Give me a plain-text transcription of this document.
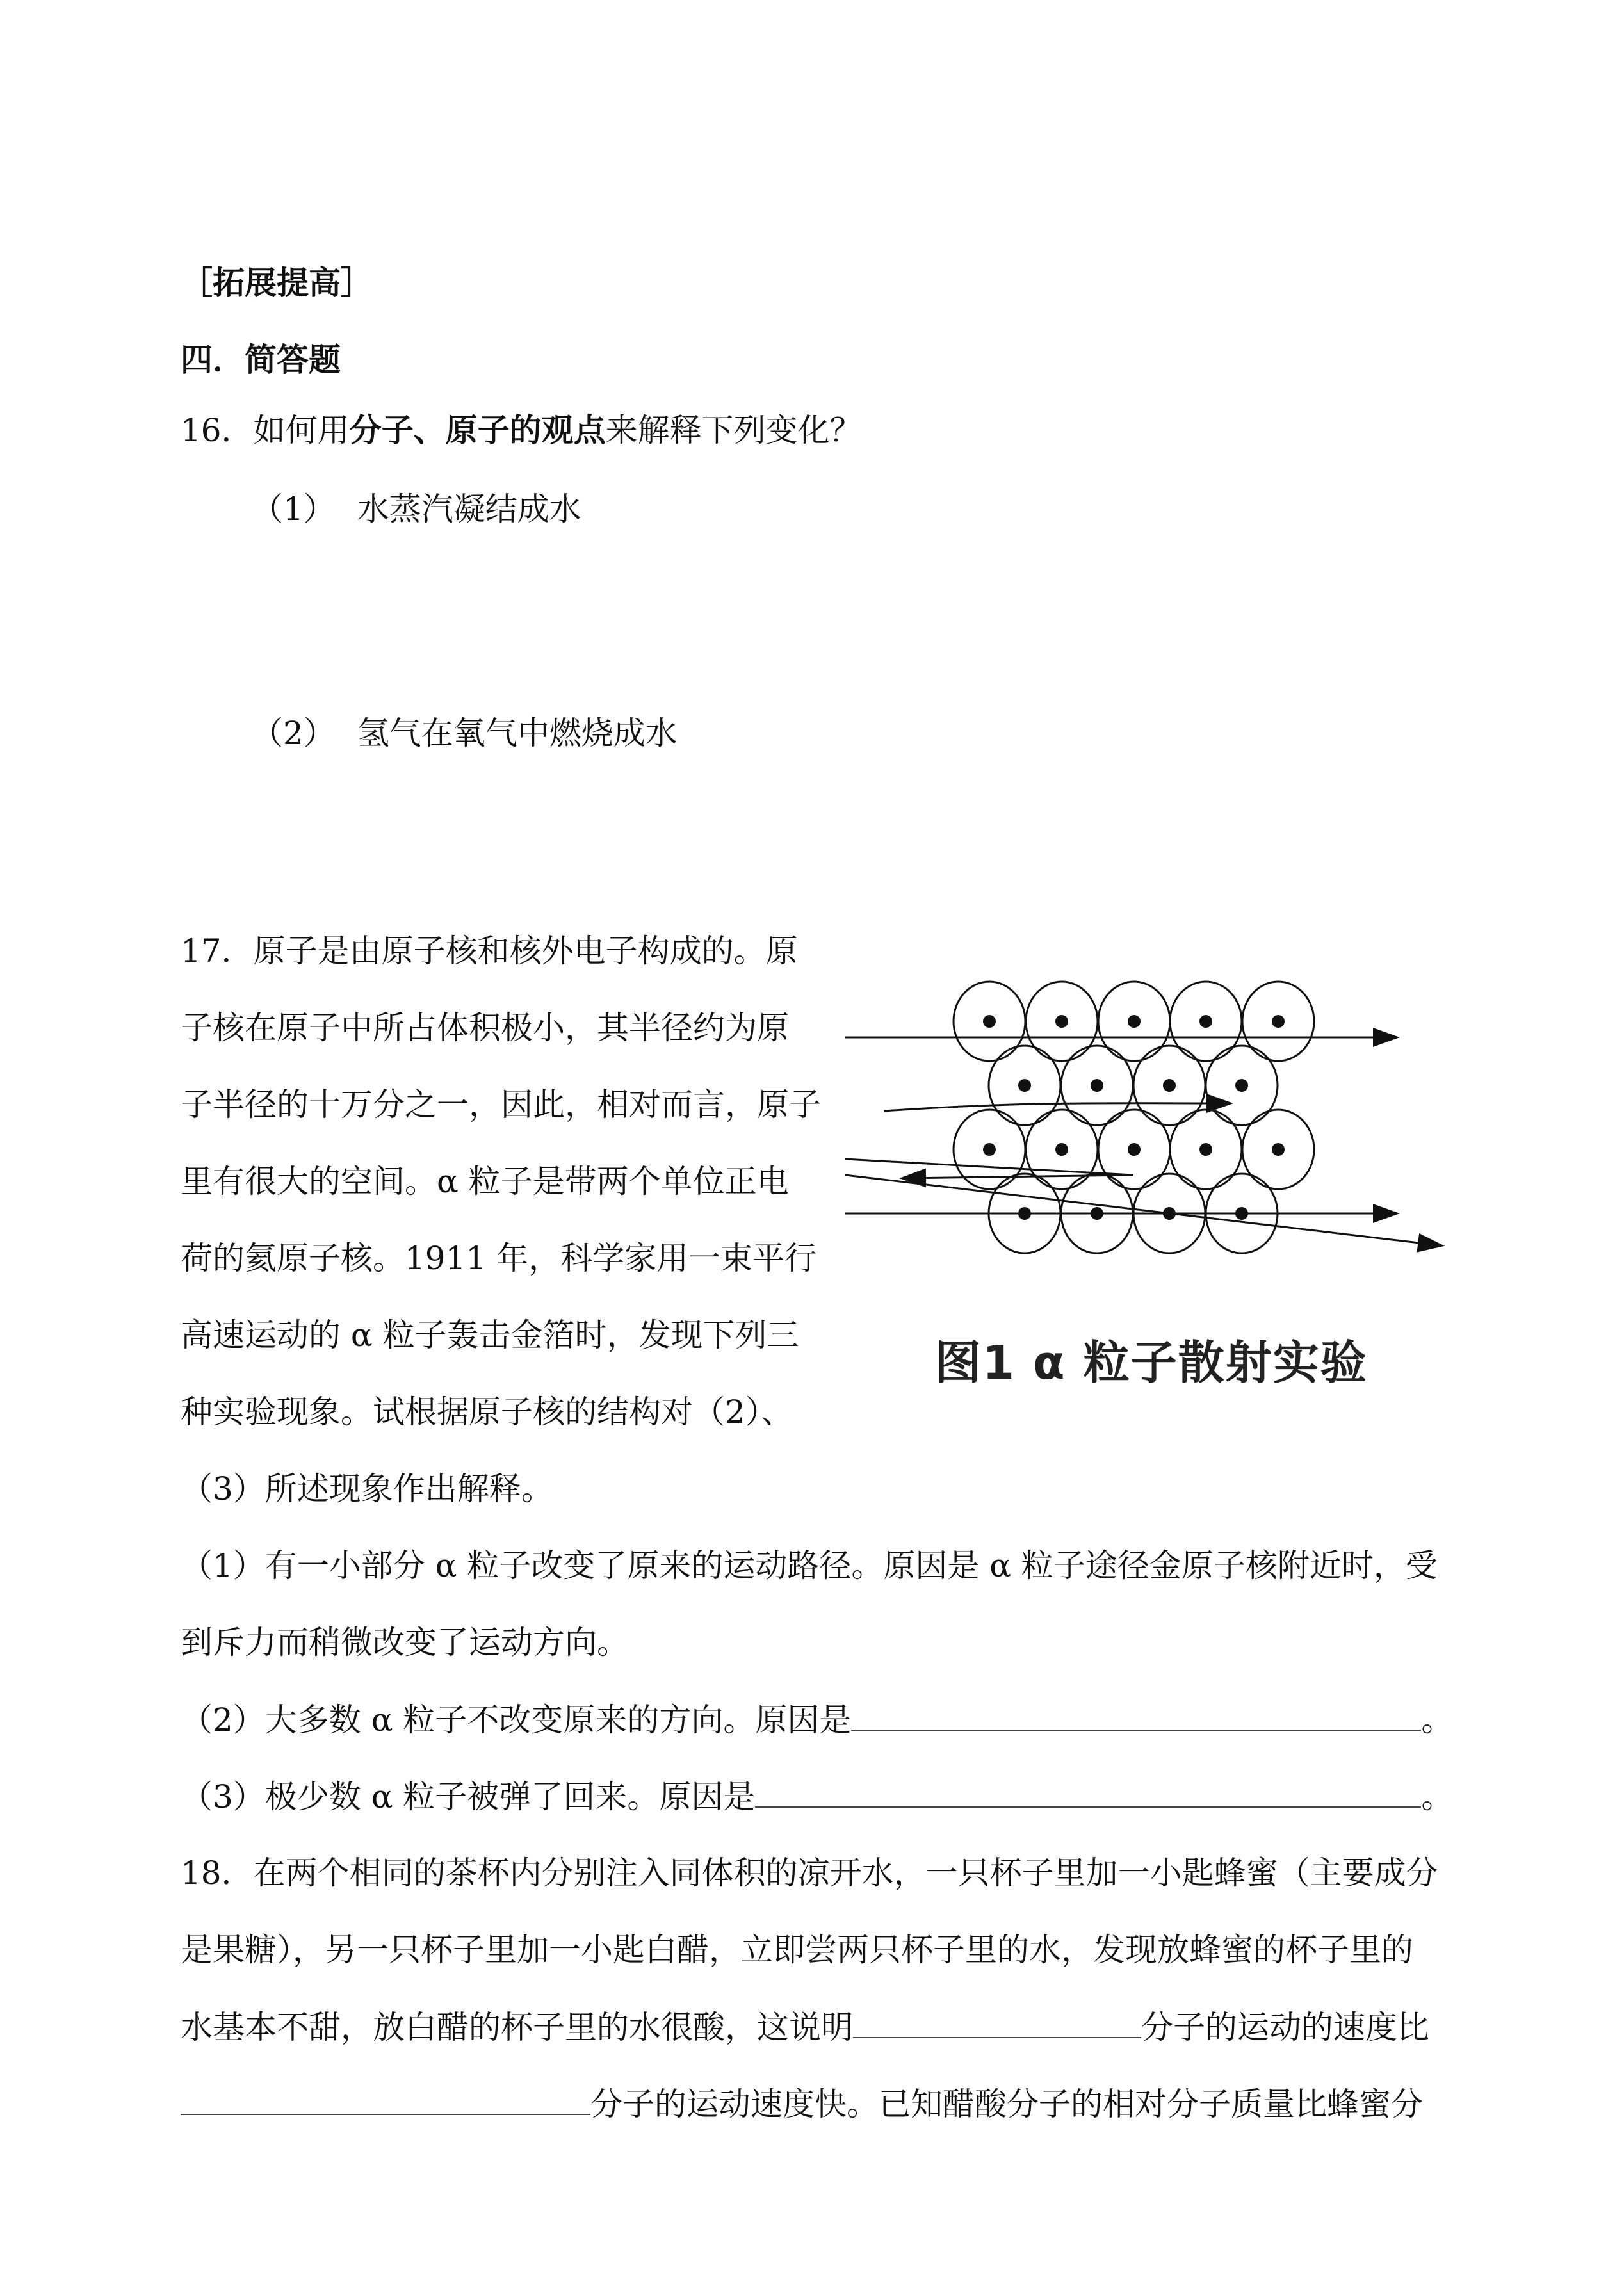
［拓展提高］
四．简答题
16．如何用分子、原子的观点来解释下列变化？
（1） 水蒸汽凝结成水
（2） 氢气在氧气中燃烧成水
17．原子是由原子核和核外电子构成的。原
子核在原子中所占体积极小，其半径约为原
子半径的十万分之一，因此，相对而言，原子
里有很大的空间。α 粒子是带两个单位正电
荷的氦原子核。1911 年，科学家用一束平行
高速运动的 α 粒子轰击金箔时，发现下列三
种实验现象。试根据原子核的结构对（2）、
（3）所述现象作出解释。
图1 α 粒子散射实验
（1）有一小部分 α 粒子改变了原来的运动路径。原因是 α 粒子途径金原子核附近时，受
到斥力而稍微改变了运动方向。
（2）大多数 α 粒子不改变原来的方向。原因是	。
（3）极少数 α 粒子被弹了回来。原因是	。
18．在两个相同的茶杯内分别注入同体积的凉开水，一只杯子里加一小匙蜂蜜（主要成分
是果糖），另一只杯子里加一小匙白醋，立即尝两只杯子里的水，发现放蜂蜜的杯子里的
水基本不甜，放白醋的杯子里的水很酸，这说明	分子的运动的速度比
分子的运动速度快。已知醋酸分子的相对分子质量比蜂蜜分
